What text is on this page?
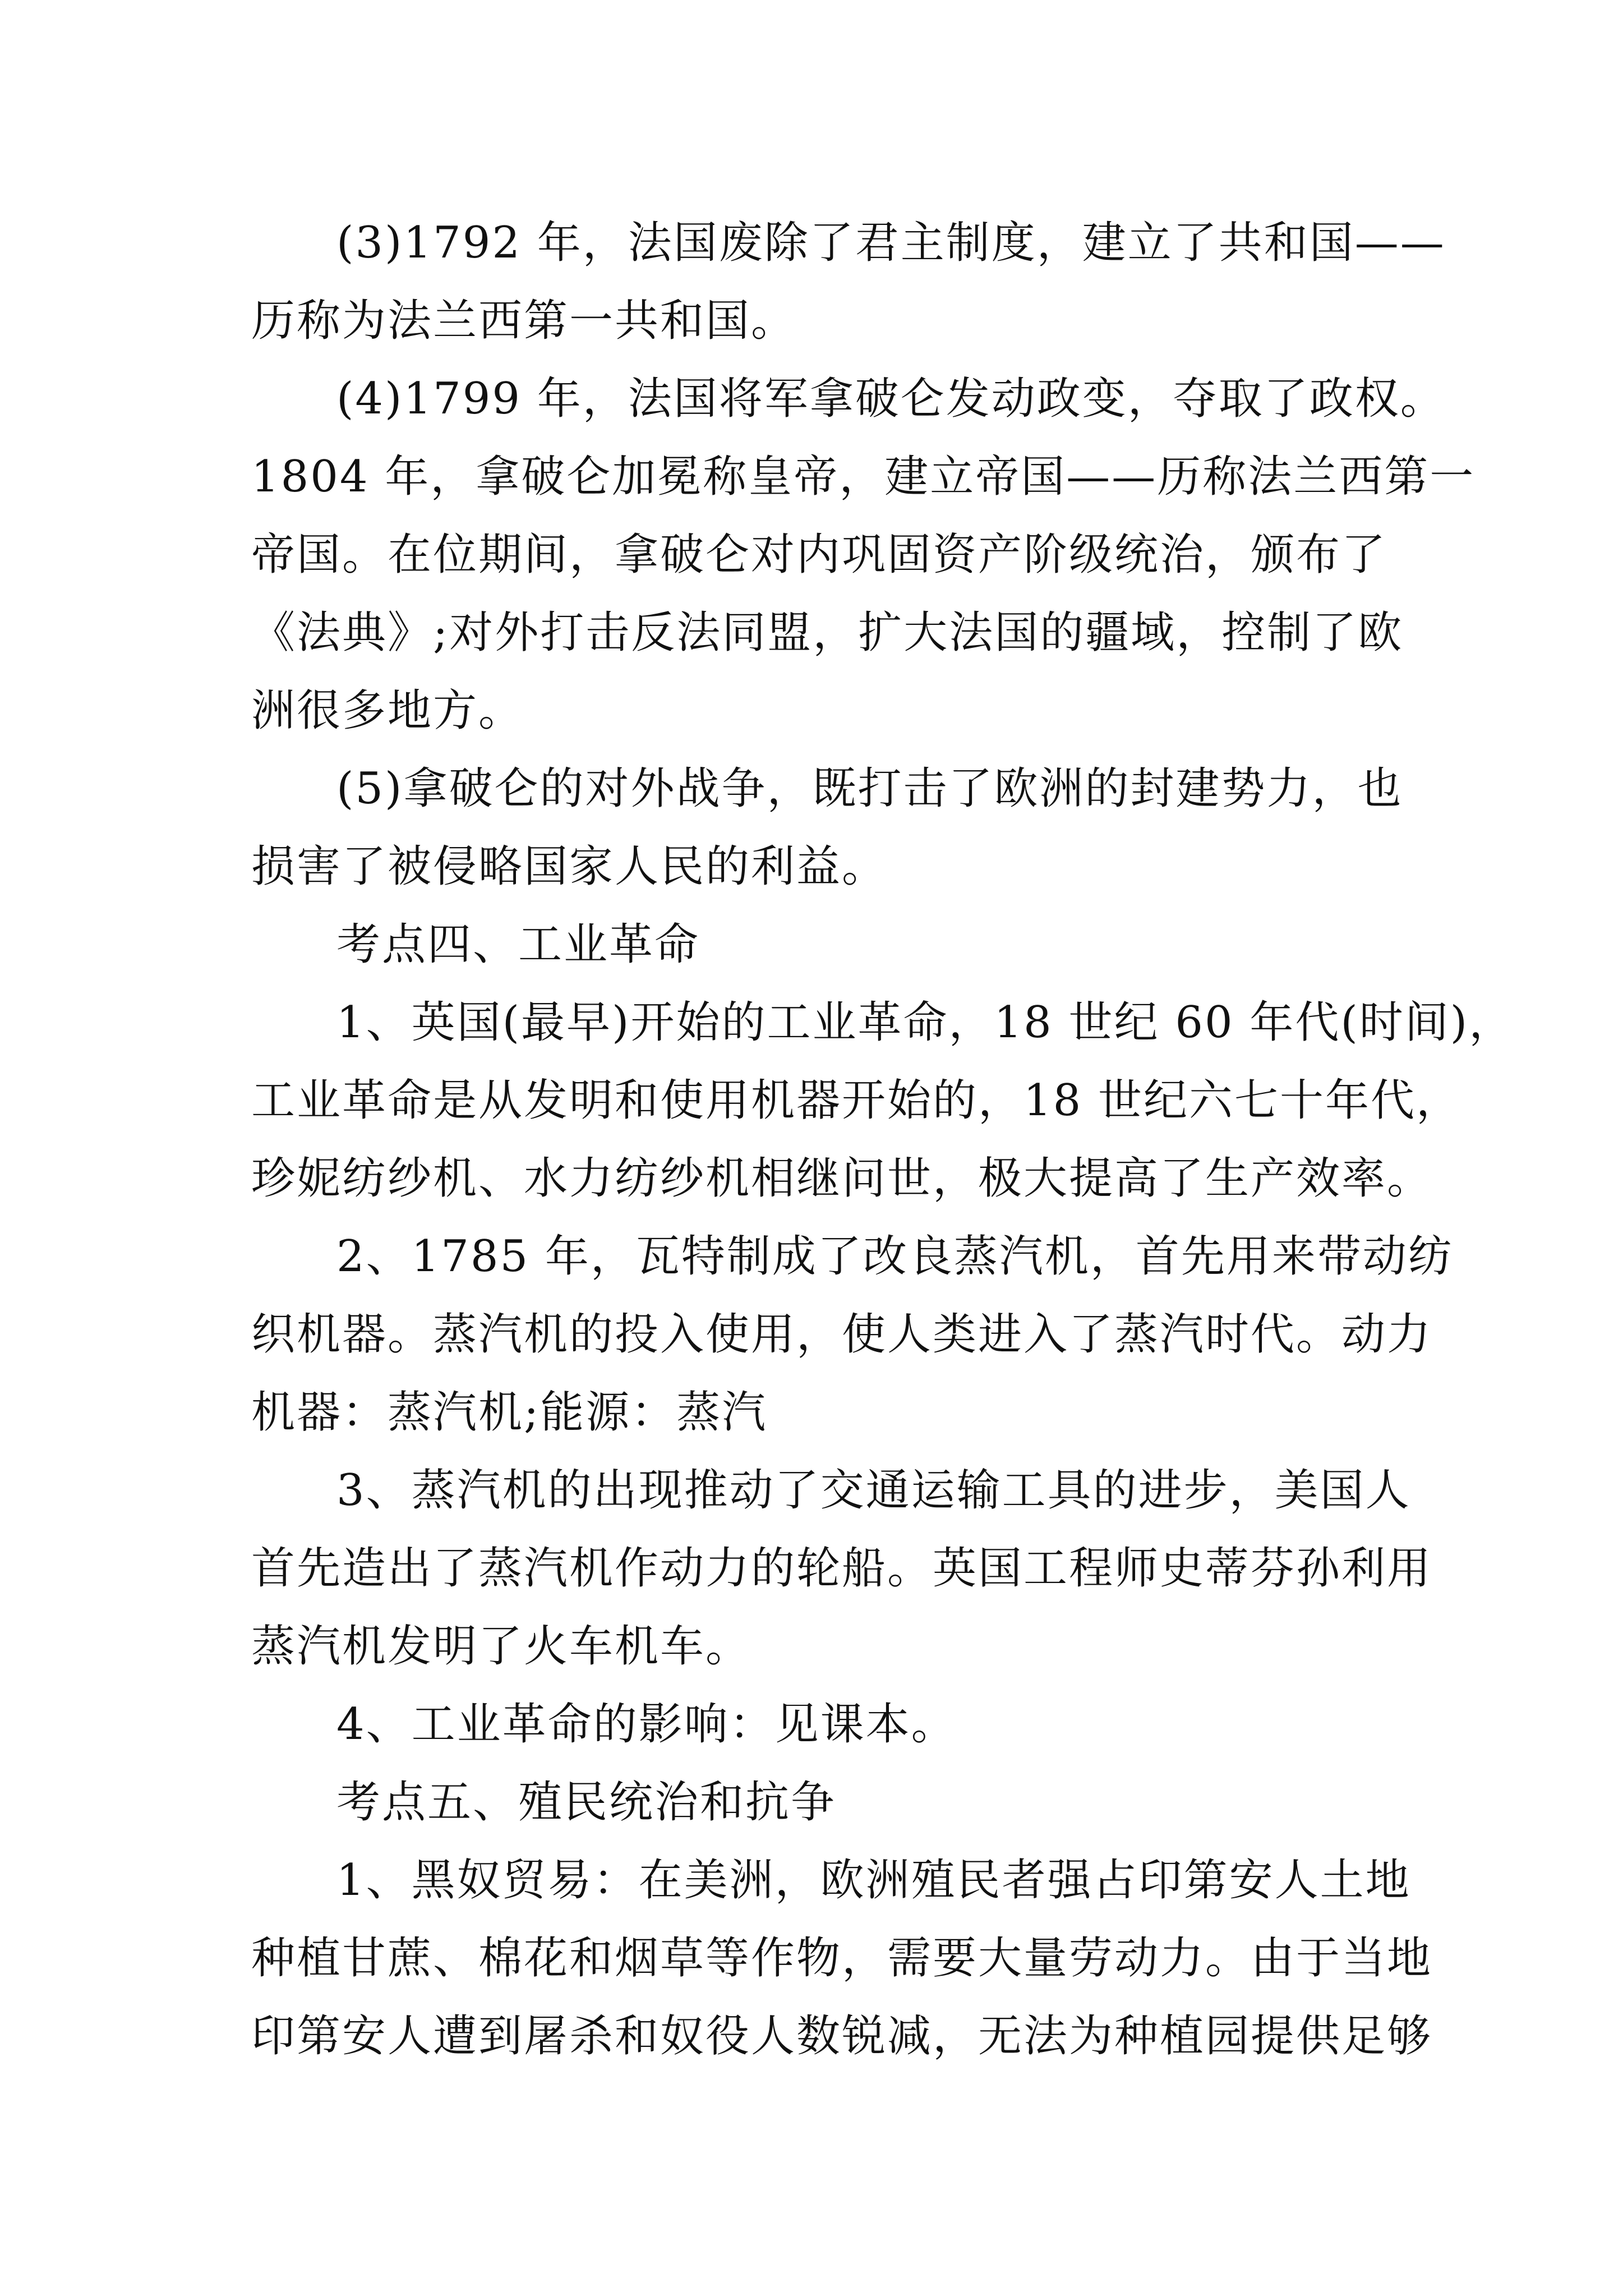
(3)1792 年，法国废除了君主制度，建立了共和国——
历称为法兰西第一共和国。
(4)1799 年，法国将军拿破仑发动政变，夺取了政权。
1804 年，拿破仑加冕称皇帝，建立帝国——历称法兰西第一
帝国。在位期间，拿破仑对内巩固资产阶级统治，颁布了
《法典》;对外打击反法同盟，扩大法国的疆域，控制了欧
洲很多地方。
(5)拿破仑的对外战争，既打击了欧洲的封建势力，也
损害了被侵略国家人民的利益。
考点四、工业革命
1、英国(最早)开始的工业革命，18 世纪 60 年代(时间)，
工业革命是从发明和使用机器开始的，18 世纪六七十年代，
珍妮纺纱机、水力纺纱机相继问世，极大提高了生产效率。
2、1785 年，瓦特制成了改良蒸汽机，首先用来带动纺
织机器。蒸汽机的投入使用，使人类进入了蒸汽时代。动力
机器：蒸汽机;能源：蒸汽
3、蒸汽机的出现推动了交通运输工具的进步，美国人
首先造出了蒸汽机作动力的轮船。英国工程师史蒂芬孙利用
蒸汽机发明了火车机车。
4、工业革命的影响：见课本。
考点五、殖民统治和抗争
1、黑奴贸易：在美洲，欧洲殖民者强占印第安人土地
种植甘蔗、棉花和烟草等作物，需要大量劳动力。由于当地
印第安人遭到屠杀和奴役人数锐减，无法为种植园提供足够
